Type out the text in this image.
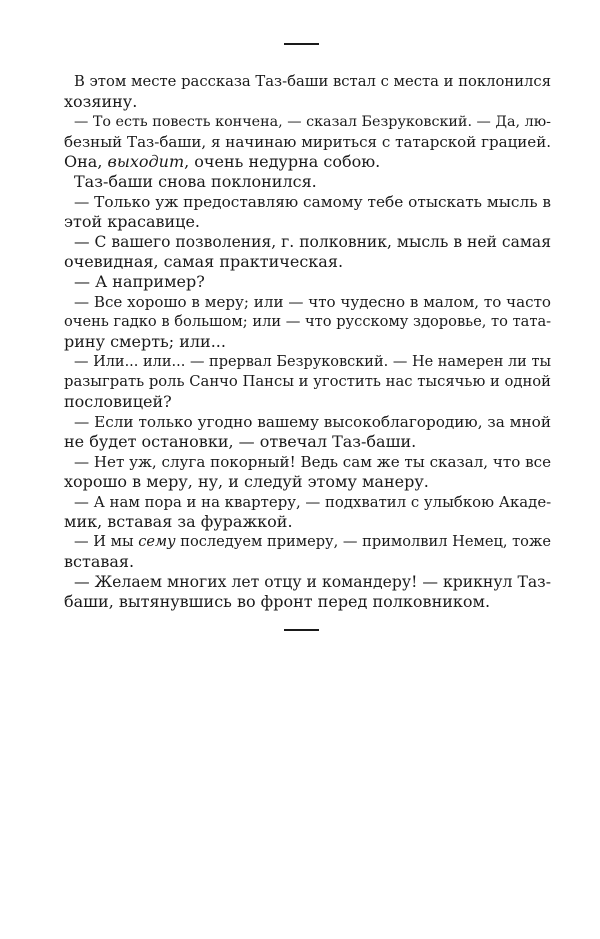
В этом месте рассказа Таз-баши встал с места и поклонился
хозяину.
— То есть повесть кончена, — сказал Безруковский. — Да, лю-
безный Таз-баши, я начинаю мириться с татарской грацией.
Она, выходит, очень недурна собою.
Таз-баши снова поклонился.
— Только уж предоставляю самому тебе отыскать мысль в
этой красавице.
— С вашего позволения, г. полковник, мысль в ней самая
очевидная, самая практическая.
— А например?
— Все хорошо в меру; или — что чудесно в малом, то часто
очень гадко в большом; или — что русскому здоровье, то тата-
рину смерть; или...
— Или... или... — прервал Безруковский. — Не намерен ли ты
разыграть роль Санчо Пансы и угостить нас тысячью и одной
пословицей?
— Если только угодно вашему высокоблагородию, за мной
не будет остановки, — отвечал Таз-баши.
— Нет уж, слуга покорный! Ведь сам же ты сказал, что все
хорошо в меру, ну, и следуй этому манеру.
— А нам пора и на квартеру, — подхватил с улыбкою Акаде-
мик, вставая за фуражкой.
— И мы сему последуем примеру, — примолвил Немец, тоже
вставая.
— Желаем многих лет отцу и командеру! — крикнул Таз-
баши, вытянувшись во фронт перед полковником.
